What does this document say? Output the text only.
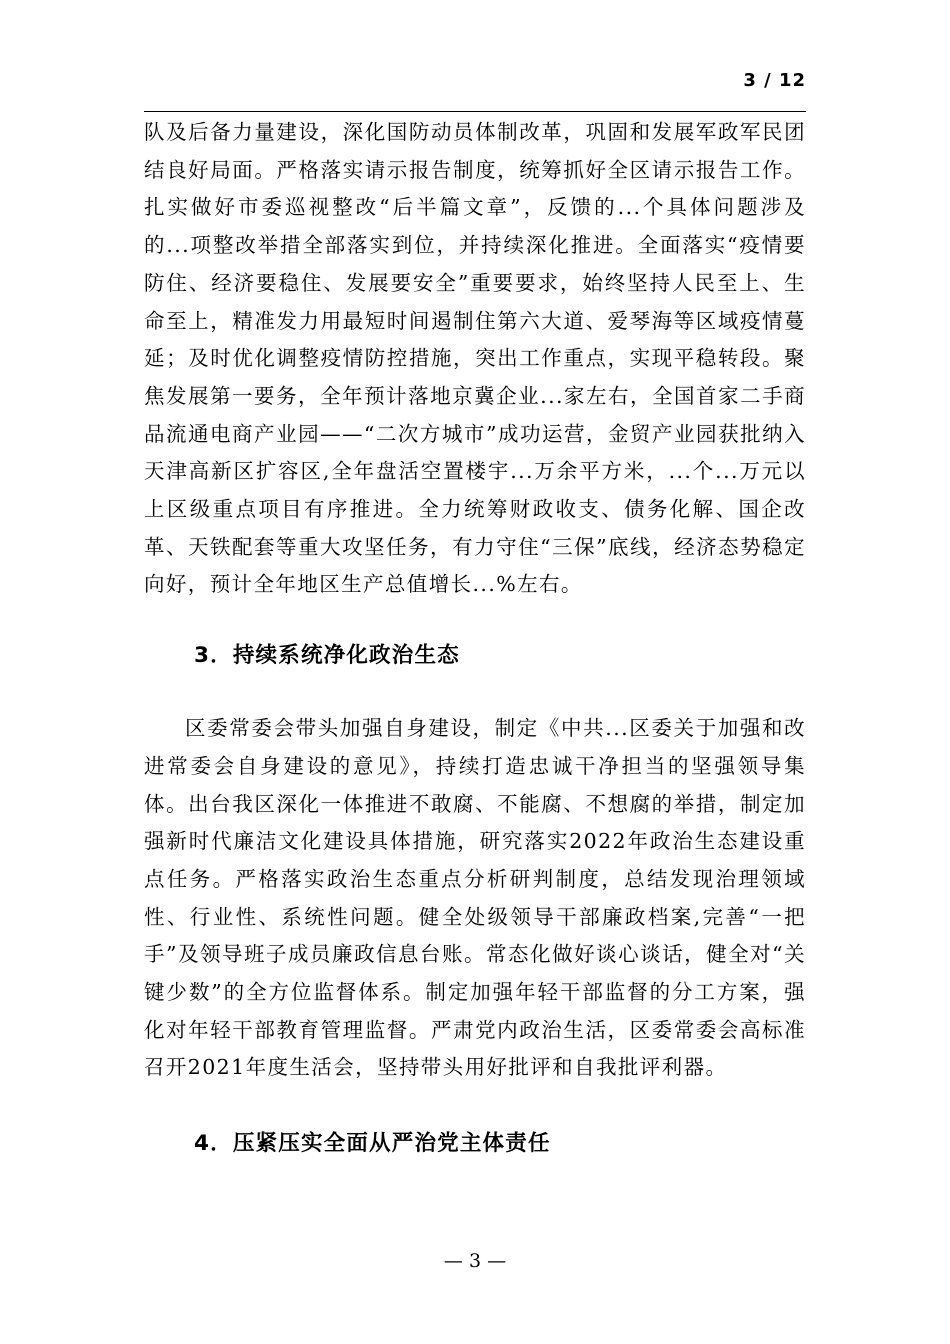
3 / 12

队及后备力量建设，深化国防动员体制改革，巩固和发展军政军民团结良好局面。严格落实请示报告制度，统筹抓好全区请示报告工作。扎实做好市委巡视整改“后半篇文章”，反馈的...个具体问题涉及的...项整改举措全部落实到位，并持续深化推进。全面落实“疫情要防住、经济要稳住、发展要安全”重要要求，始终坚持人民至上、生命至上，精准发力用最短时间遏制住第六大道、爱琴海等区域疫情蔓延；及时优化调整疫情防控措施，突出工作重点，实现平稳转段。聚焦发展第一要务，全年预计落地京冀企业...家左右，全国首家二手商品流通电商产业园——“二次方城市”成功运营，金贸产业园获批纳入天津高新区扩容区,全年盘活空置楼宇...万余平方米，...个...万元以上区级重点项目有序推进。全力统筹财政收支、债务化解、国企改革、天铁配套等重大攻坚任务，有力守住“三保”底线，经济态势稳定向好，预计全年地区生产总值增长...%左右。

3．持续系统净化政治生态

区委常委会带头加强自身建设，制定《中共...区委关于加强和改进常委会自身建设的意见》，持续打造忠诚干净担当的坚强领导集体。出台我区深化一体推进不敢腐、不能腐、不想腐的举措，制定加强新时代廉洁文化建设具体措施，研究落实2022年政治生态建设重点任务。严格落实政治生态重点分析研判制度，总结发现治理领域性、行业性、系统性问题。健全处级领导干部廉政档案,完善“一把手”及领导班子成员廉政信息台账。常态化做好谈心谈话，健全对“关键少数”的全方位监督体系。制定加强年轻干部监督的分工方案，强化对年轻干部教育管理监督。严肃党内政治生活，区委常委会高标准召开2021年度生活会，坚持带头用好批评和自我批评利器。

4．压紧压实全面从严治党主体责任
— 3 —
